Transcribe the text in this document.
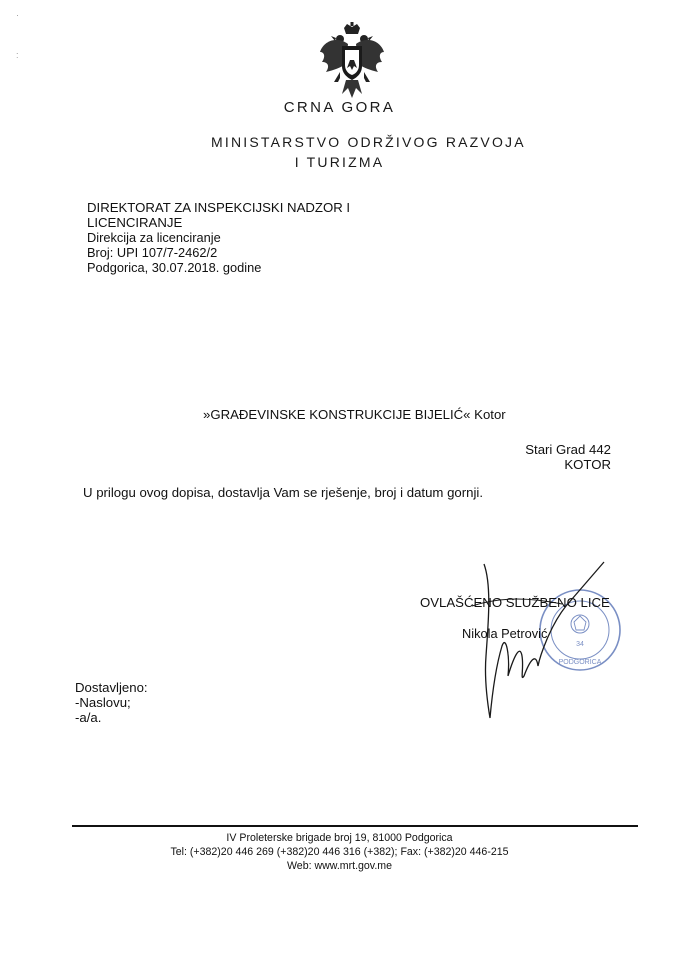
·

:
CRNA GORA
MINISTARSTVO ODRŽIVOG RAZVOJA
I TURIZMA
DIREKTORAT ZA INSPEKCIJSKI NADZOR I
LICENCIRANJE
Direkcija za licenciranje
Broj: UPI 107/7-2462/2
Podgorica, 30.07.2018. godine
»GRAĐEVINSKE KONSTRUKCIJE BIJELIĆ« Kotor
Stari Grad 442
KOTOR
U prilogu ovog dopisa, dostavlja Vam se rješenje, broj i datum gornji.
34
PODGORICA
OVLAŠĆENO SLUŽBENO LICE
Nikola Petrović
Dostavljeno:
-Naslovu;
-a/a.
IV Proleterske brigade broj 19, 81000 Podgorica
Tel: (+382)20 446 269 (+382)20 446 316 (+382); Fax: (+382)20 446-215
Web: www.mrt.gov.me
